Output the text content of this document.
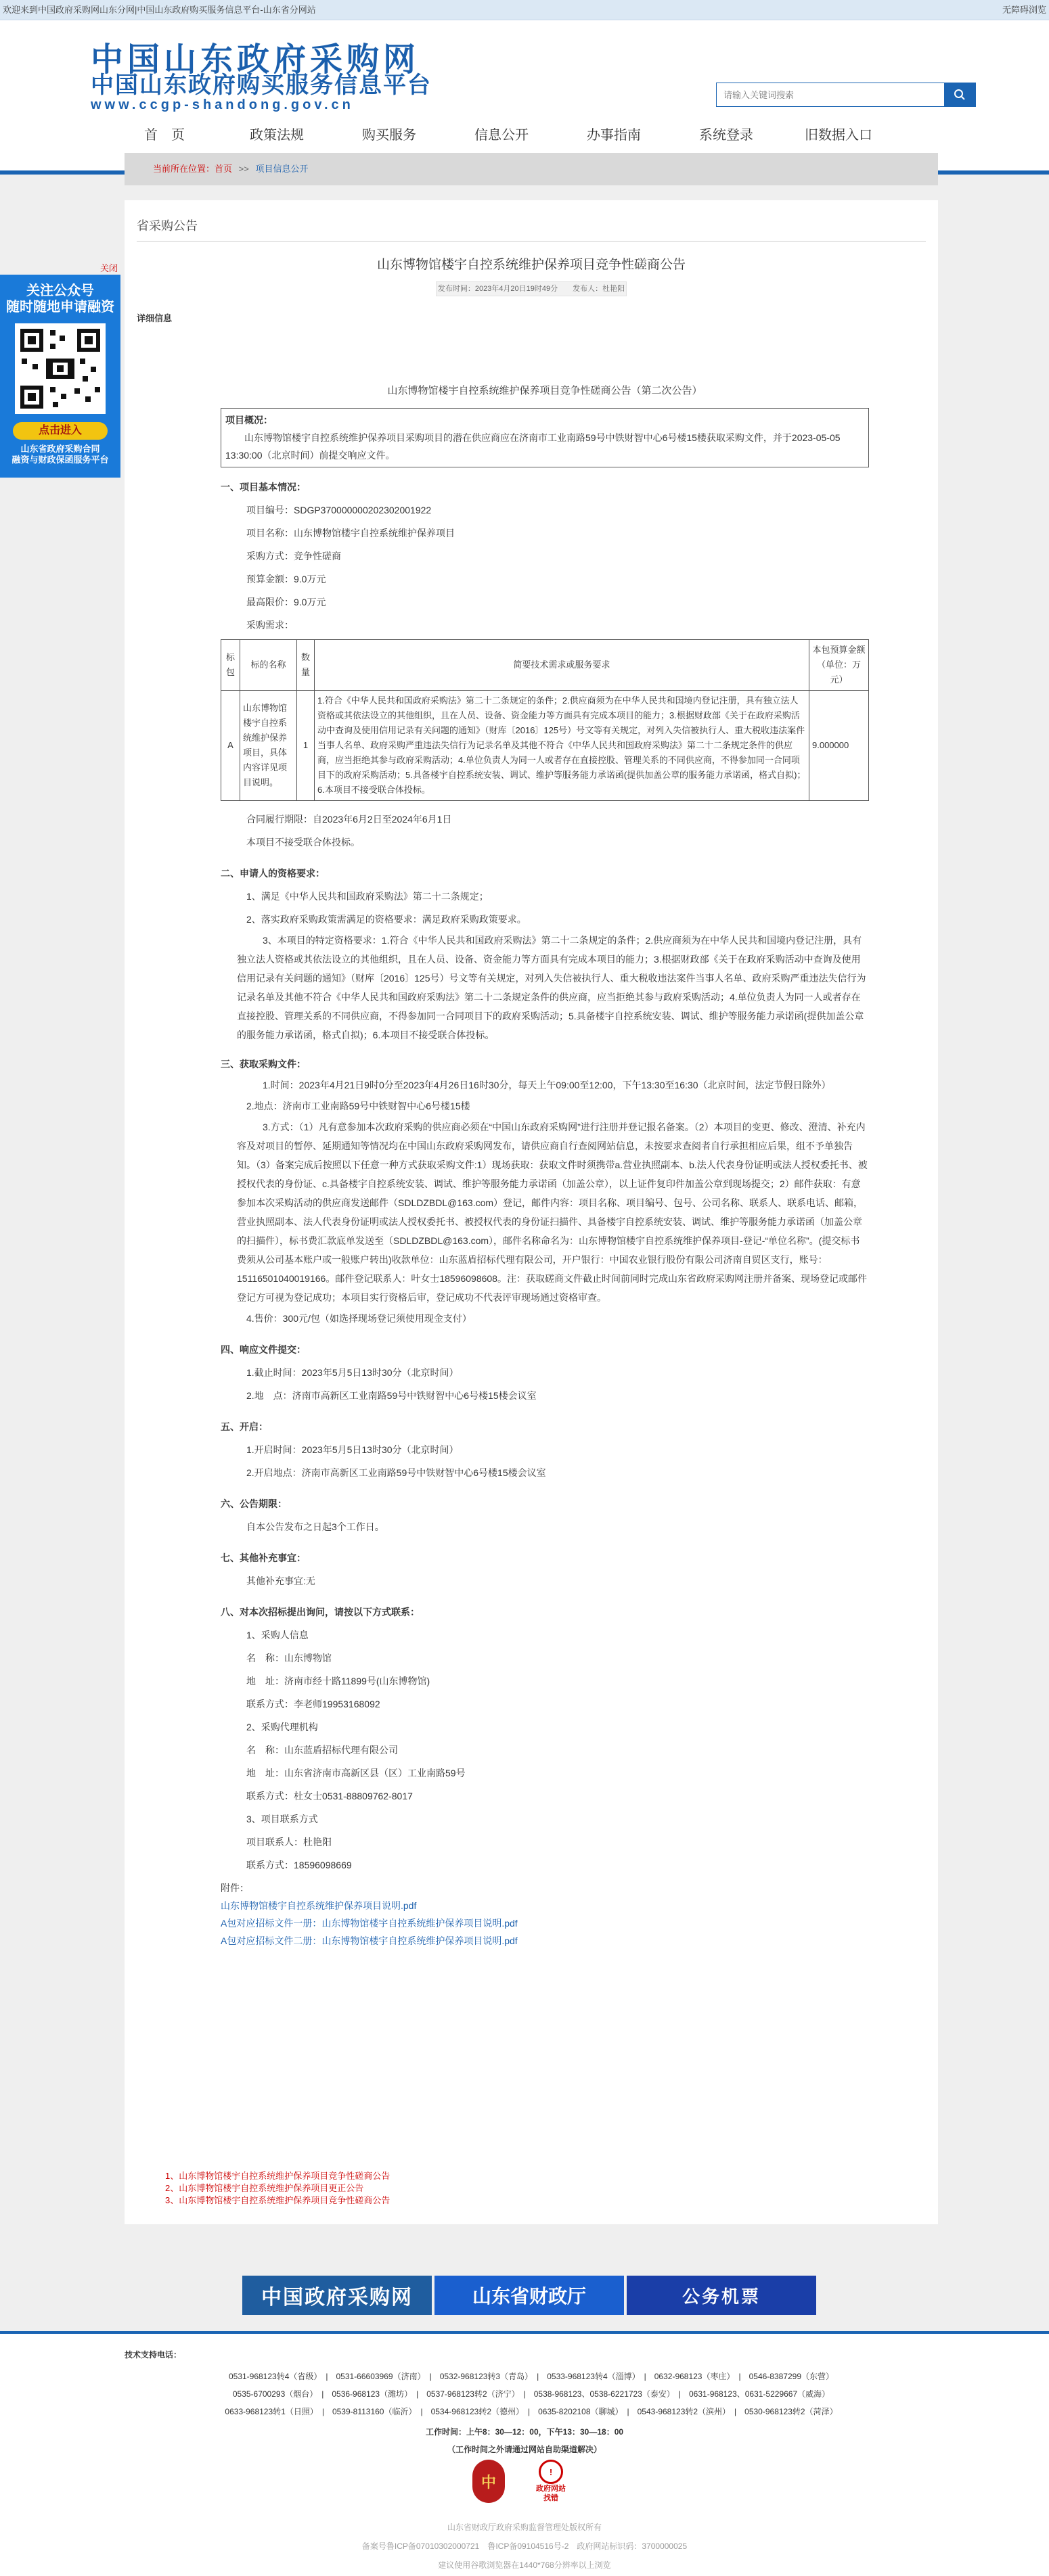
欢迎来到中国政府采购网山东分网|中国山东政府购买服务信息平台-山东省分网站	无障碍浏览
中国山东政府采购网
中国山东政府购买服务信息平台
www.ccgp-shandong.gov.cn
请输入关键词搜索
首　页	政策法规	购买服务	信息公开	办事指南	系统登录	旧数据入口
当前所在位置：首页 >> 项目信息公开
省采购公告
山东博物馆楼宇自控系统维护保养项目竞争性磋商公告
发布时间：2023年4月20日19时49分　　发布人：杜艳阳
详细信息
山东博物馆楼宇自控系统维护保养项目竞争性磋商公告（第二次公告）
项目概况：
山东博物馆楼宇自控系统维护保养项目采购项目的潜在供应商应在济南市工业南路59号中铁财智中心6号楼15楼获取采购文件，并于2023-05-05 13:30:00（北京时间）前提交响应文件。
一、项目基本情况：
项目编号：SDGP370000000202302001922
项目名称：山东博物馆楼宇自控系统维护保养项目
采购方式：竞争性磋商
预算金额：9.0万元
最高限价：9.0万元
采购需求：
标包	标的名称	数量	简要技术需求或服务要求	本包预算金额（单位：万元）
A	山东博物馆楼宇自控系统维护保养项目，具体内容详见项目说明。	1	1.符合《中华人民共和国政府采购法》第二十二条规定的条件；2.供应商须为在中华人民共和国境内登记注册，具有独立法人资格或其依法设立的其他组织，且在人员、设备、资金能力等方面具有完成本项目的能力；3.根据财政部《关于在政府采购活动中查询及使用信用记录有关问题的通知》（财库〔2016〕125号）号文等有关规定，对列入失信被执行人、重大税收违法案件当事人名单、政府采购严重违法失信行为记录名单及其他不符合《中华人民共和国政府采购法》第二十二条规定条件的供应商，应当拒绝其参与政府采购活动；4.单位负责人为同一人或者存在直接控股、管理关系的不同供应商，不得参加同一合同项目下的政府采购活动；5.具备楼宇自控系统安装、调试、维护等服务能力承诺函(提供加盖公章的服务能力承诺函，格式自拟)；6.本项目不接受联合体投标。	9.000000
合同履行期限：自2023年6月2日至2024年6月1日
本项目不接受联合体投标。
二、申请人的资格要求：
1、满足《中华人民共和国政府采购法》第二十二条规定；
2、落实政府采购政策需满足的资格要求：满足政府采购政策要求。
3、本项目的特定资格要求：1.符合《中华人民共和国政府采购法》第二十二条规定的条件；2.供应商须为在中华人民共和国境内登记注册，具有独立法人资格或其依法设立的其他组织，且在人员、设备、资金能力等方面具有完成本项目的能力；3.根据财政部《关于在政府采购活动中查询及使用信用记录有关问题的通知》（财库〔2016〕125号）号文等有关规定，对列入失信被执行人、重大税收违法案件当事人名单、政府采购严重违法失信行为记录名单及其他不符合《中华人民共和国政府采购法》第二十二条规定条件的供应商，应当拒绝其参与政府采购活动；4.单位负责人为同一人或者存在直接控股、管理关系的不同供应商，不得参加同一合同项目下的政府采购活动；5.具备楼宇自控系统安装、调试、维护等服务能力承诺函(提供加盖公章的服务能力承诺函，格式自拟)；6.本项目不接受联合体投标。
三、获取采购文件：
1.时间：2023年4月21日9时0分至2023年4月26日16时30分，每天上午09:00至12:00，下午13:30至16:30（北京时间，法定节假日除外）
2.地点：济南市工业南路59号中铁财智中心6号楼15楼
3.方式：（1）凡有意参加本次政府采购的供应商必须在“中国山东政府采购网”进行注册并登记报名备案。（2）本项目的变更、修改、澄清、补充内容及对项目的暂停、延期通知等情况均在中国山东政府采购网发布，请供应商自行查阅网站信息，未按要求查阅者自行承担相应后果，组不予单独告知。（3）备案完成后按照以下任意一种方式获取采购文件:1）现场获取：获取文件时须携带a.营业执照副本、b.法人代表身份证明或法人授权委托书、被授权代表的身份证、c.具备楼宇自控系统安装、调试、维护等服务能力承诺函（加盖公章），以上证件复印件加盖公章到现场提交；2）邮件获取：有意参加本次采购活动的供应商发送邮件（SDLDZBDL@163.com）登记，邮件内容：项目名称、项目编号、包号、公司名称、联系人、联系电话、邮箱，营业执照副本、法人代表身份证明或法人授权委托书、被授权代表的身份证扫描件、具备楼宇自控系统安装、调试、维护等服务能力承诺函（加盖公章的扫描件），标书费汇款底单发送至（SDLDZBDL@163.com），邮件名称命名为：山东博物馆楼宇自控系统维护保养项目-登记-“单位名称”。(提交标书费须从公司基本账户或一般账户转出)收款单位：山东蓝盾招标代理有限公司，开户银行：中国农业银行股份有限公司济南自贸区支行，账号：15116501040019166。邮件登记联系人：叶女士18596098608。注：获取磋商文件截止时间前同时完成山东省政府采购网注册并备案、现场登记或邮件登记方可视为登记成功；本项目实行资格后审，登记成功不代表评审现场通过资格审查。
4.售价：300元/包（如选择现场登记须使用现金支付）
四、响应文件提交：
1.截止时间：2023年5月5日13时30分（北京时间）
2.地　点：济南市高新区工业南路59号中铁财智中心6号楼15楼会议室
五、开启：
1.开启时间：2023年5月5日13时30分（北京时间）
2.开启地点：济南市高新区工业南路59号中铁财智中心6号楼15楼会议室
六、公告期限：
自本公告发布之日起3个工作日。
七、其他补充事宜：
其他补充事宜:无
八、对本次招标提出询问，请按以下方式联系：
1、采购人信息
名　称：山东博物馆
地　址：济南市经十路11899号(山东博物馆)
联系方式：李老师19953168092
2、采购代理机构
名　称：山东蓝盾招标代理有限公司
地　址：山东省济南市高新区县（区）工业南路59号
联系方式：杜女士0531-88809762-8017
3、项目联系方式
项目联系人：杜艳阳
联系方式：18596098669
附件：
山东博物馆楼宇自控系统维护保养项目说明.pdf
A包对应招标文件一册：山东博物馆楼宇自控系统维护保养项目说明.pdf
A包对应招标文件二册：山东博物馆楼宇自控系统维护保养项目说明.pdf
1、山东博物馆楼宇自控系统维护保养项目竞争性磋商公告
2、山东博物馆楼宇自控系统维护保养项目更正公告
3、山东博物馆楼宇自控系统维护保养项目竞争性磋商公告
中国政府采购网	山东省财政厅	公务机票
技术支持电话：
0531-968123转4（省级）　|　0531-66603969（济南）　|　0532-968123转3（青岛）　|　0533-968123转4（淄博）　|　0632-968123（枣庄）　|　0546-8387299（东营）
0535-6700293（烟台）　|　0536-968123（潍坊）　|　0537-968123转2（济宁）　|　0538-968123、0538-6221723（泰安）　|　0631-968123、0631-5229667（威海）
0633-968123转1（日照）　|　0539-8113160（临沂）　|　0534-968123转2（德州）　|　0635-8202108（聊城）　|　0543-968123转2（滨州）　|　0530-968123转2（菏泽）
工作时间：上午8：30—12：00，下午13：30—18：00
（工作时间之外请通过网站自助渠道解决）
中
!
政府网站
找错
山东省财政厅政府采购监督管理处版权所有
备案号鲁ICP备07010302000721　鲁ICP备09104516号-2　政府网站标识码：3700000025
建议使用谷歌浏览器在1440*768分辨率以上浏览
关闭
关注公众号
随时随地申请融资
点击进入
山东省政府采购合同
融资与财政保函服务平台
